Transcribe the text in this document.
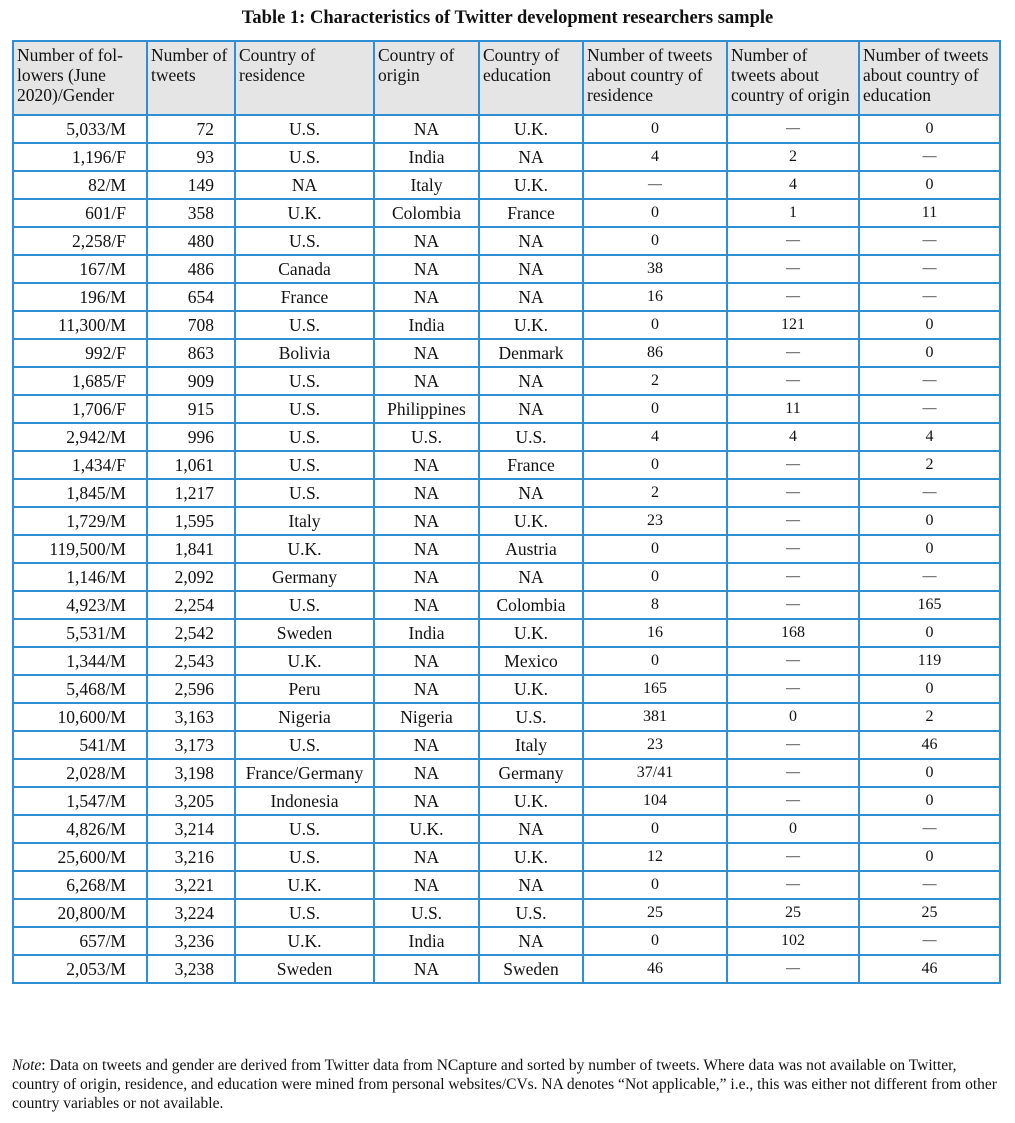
Table 1: Characteristics of Twitter development researchers sample
Number of fol- lowers (June 2020)/Gender	Number of tweets	Country of residence	Country of origin	Country of education	Number of tweets about country of residence	Number of tweets about country of origin	Number of tweets about country of education
5,033/M	72	U.S.	NA	U.K.	0	—	0
1,196/F	93	U.S.	India	NA	4	2	—
82/M	149	NA	Italy	U.K.	—	4	0
601/F	358	U.K.	Colombia	France	0	1	11
2,258/F	480	U.S.	NA	NA	0	—	—
167/M	486	Canada	NA	NA	38	—	—
196/M	654	France	NA	NA	16	—	—
11,300/M	708	U.S.	India	U.K.	0	121	0
992/F	863	Bolivia	NA	Denmark	86	—	0
1,685/F	909	U.S.	NA	NA	2	—	—
1,706/F	915	U.S.	Philippines	NA	0	11	—
2,942/M	996	U.S.	U.S.	U.S.	4	4	4
1,434/F	1,061	U.S.	NA	France	0	—	2
1,845/M	1,217	U.S.	NA	NA	2	—	—
1,729/M	1,595	Italy	NA	U.K.	23	—	0
119,500/M	1,841	U.K.	NA	Austria	0	—	0
1,146/M	2,092	Germany	NA	NA	0	—	—
4,923/M	2,254	U.S.	NA	Colombia	8	—	165
5,531/M	2,542	Sweden	India	U.K.	16	168	0
1,344/M	2,543	U.K.	NA	Mexico	0	—	119
5,468/M	2,596	Peru	NA	U.K.	165	—	0
10,600/M	3,163	Nigeria	Nigeria	U.S.	381	0	2
541/M	3,173	U.S.	NA	Italy	23	—	46
2,028/M	3,198	France/Germany	NA	Germany	37/41	—	0
1,547/M	3,205	Indonesia	NA	U.K.	104	—	0
4,826/M	3,214	U.S.	U.K.	NA	0	0	—
25,600/M	3,216	U.S.	NA	U.K.	12	—	0
6,268/M	3,221	U.K.	NA	NA	0	—	—
20,800/M	3,224	U.S.	U.S.	U.S.	25	25	25
657/M	3,236	U.K.	India	NA	0	102	—
2,053/M	3,238	Sweden	NA	Sweden	46	—	46
Note: Data on tweets and gender are derived from Twitter data from NCapture and sorted by number of tweets. Where data was not available on Twitter, country of origin, residence, and education were mined from personal websites/CVs. NA denotes “Not applicable,” i.e., this was either not different from other country variables or not available.
